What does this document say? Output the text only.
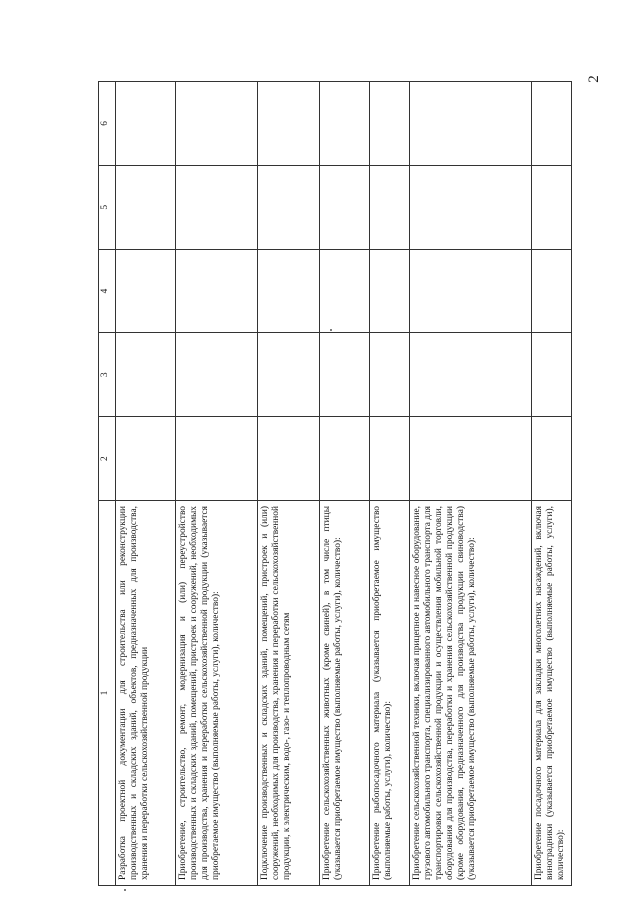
2
1	2	3	4	5	6
Разработка проектной документации для строительства или реконструкции производственных и складских зданий, объектов, предназначенных для производства, хранения и переработки сельскохозяйственной продукции					
Приобретение, строительство, ремонт, модернизация и (или) переустройство производственных и складских зданий, помещений, пристроек и сооружений, необходимых для производства, хранения и переработки сельскохозяйственной продукции (указывается приобретаемое имущество (выполняемые работы, услуги), количество):					
Подключение производственных и складских зданий, помещений, пристроек и (или) сооружений, необходимых для производства, хранения и переработки сельскохозяйственной продукции, к электрическим, водо-, газо- и теплопроводным сетям					
Приобретение сельскохозяйственных животных (кроме свиней), в том числе птицы (указывается приобретаемое имущество (выполняемые работы, услуги), количество):					
Приобретение рыбопосадочного материала (указывается приобретаемое имущество (выполняемые работы, услуги), количество):					
Приобретение сельскохозяйственной техники, включая прицепное и навесное оборудование, грузового автомобильного транспорта, специализированного автомобильного транспорта для транспортировки сельскохозяйственной продукции и осуществления мобильной торговли, оборудования для производства, переработки и хранения сельскохозяйственной продукции (кроме оборудования, предназначенного для производства продукции свиноводства) (указывается приобретаемое имущество (выполняемые работы, услуги), количество):					
Приобретение посадочного материала для закладки многолетних насаждений, включая виноградники (указывается приобретаемое имущество (выполняемые работы, услуги), количество):					
